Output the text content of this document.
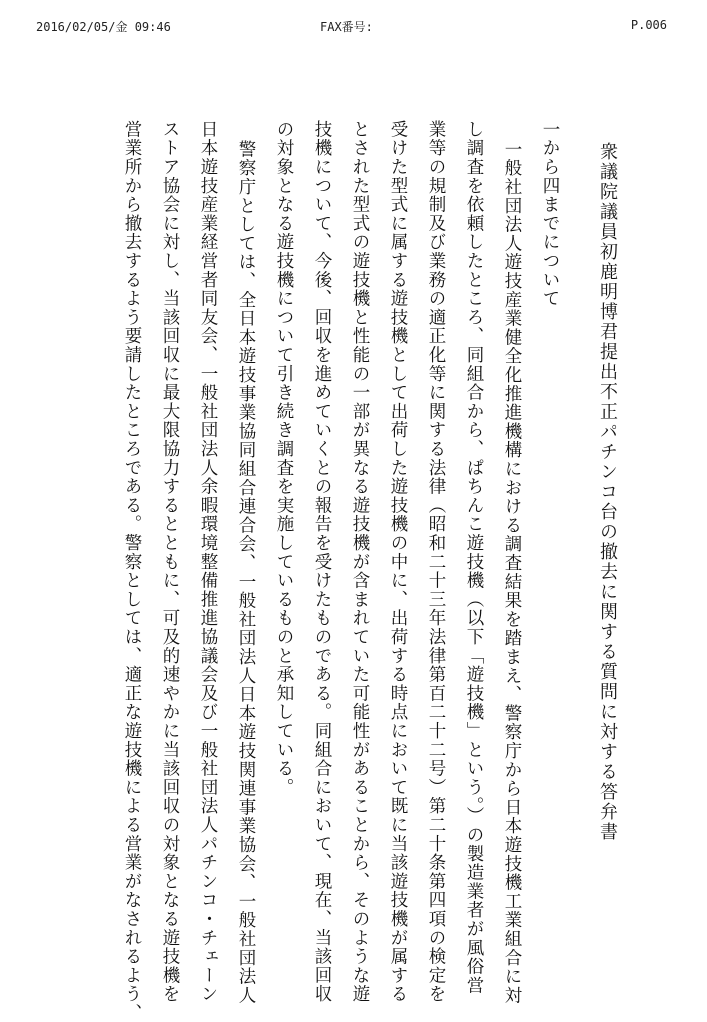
2016/02/05/金 09:46	FAX番号:	P.006
衆議院議員初鹿明博君提出不正パチンコ台の撤去に関する質問に対する答弁書
一から四までについて
一般社団法人遊技産業健全化推進機構における調査結果を踏まえ、警察庁から日本遊技機工業組合に対
し調査を依頼したところ、同組合から、ぱちんこ遊技機（以下「遊技機」という。）の製造業者が風俗営
業等の規制及び業務の適正化等に関する法律（昭和二十三年法律第百二十二号）第二十条第四項の検定を
受けた型式に属する遊技機として出荷した遊技機の中に、出荷する時点において既に当該遊技機が属する
とされた型式の遊技機と性能の一部が異なる遊技機が含まれていた可能性があることから、そのような遊
技機について、今後、回収を進めていくとの報告を受けたものである。同組合において、現在、当該回収
の対象となる遊技機について引き続き調査を実施しているものと承知している。
警察庁としては、全日本遊技事業協同組合連合会、一般社団法人日本遊技関連事業協会、一般社団法人
日本遊技産業経営者同友会、一般社団法人余暇環境整備推進協議会及び一般社団法人パチンコ・チェーン
ストア協会に対し、当該回収に最大限協力するとともに、可及的速やかに当該回収の対象となる遊技機を
営業所から撤去するよう要請したところである。警察としては、適正な遊技機による営業がなされるよう、
